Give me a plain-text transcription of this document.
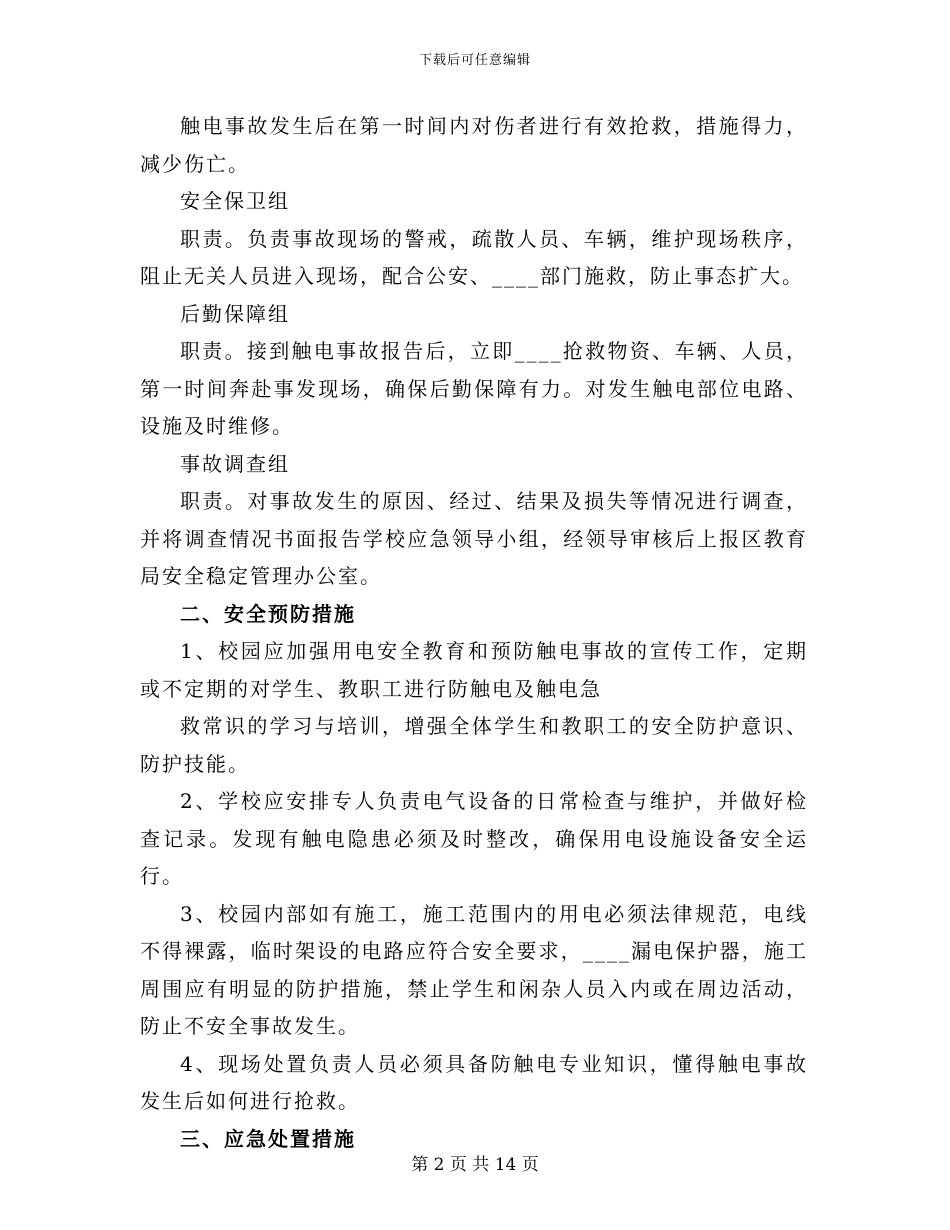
下载后可任意编辑

触电事故发生后在第一时间内对伤者进行有效抢救，措施得力，减少伤亡。

安全保卫组

职责。负责事故现场的警戒，疏散人员、车辆，维护现场秩序，阻止无关人员进入现场，配合公安、____部门施救，防止事态扩大。

后勤保障组

职责。接到触电事故报告后，立即____抢救物资、车辆、人员，第一时间奔赴事发现场，确保后勤保障有力。对发生触电部位电路、设施及时维修。

事故调查组

职责。对事故发生的原因、经过、结果及损失等情况进行调查，并将调查情况书面报告学校应急领导小组，经领导审核后上报区教育局安全稳定管理办公室。

二、安全预防措施

1、校园应加强用电安全教育和预防触电事故的宣传工作，定期或不定期的对学生、教职工进行防触电及触电急

救常识的学习与培训，增强全体学生和教职工的安全防护意识、防护技能。

2、学校应安排专人负责电气设备的日常检查与维护，并做好检查记录。发现有触电隐患必须及时整改，确保用电设施设备安全运行。

3、校园内部如有施工，施工范围内的用电必须法律规范，电线不得裸露，临时架设的电路应符合安全要求，____漏电保护器，施工周围应有明显的防护措施，禁止学生和闲杂人员入内或在周边活动，防止不安全事故发生。

4、现场处置负责人员必须具备防触电专业知识，懂得触电事故发生后如何进行抢救。

三、应急处置措施

第 2 页 共 14 页
